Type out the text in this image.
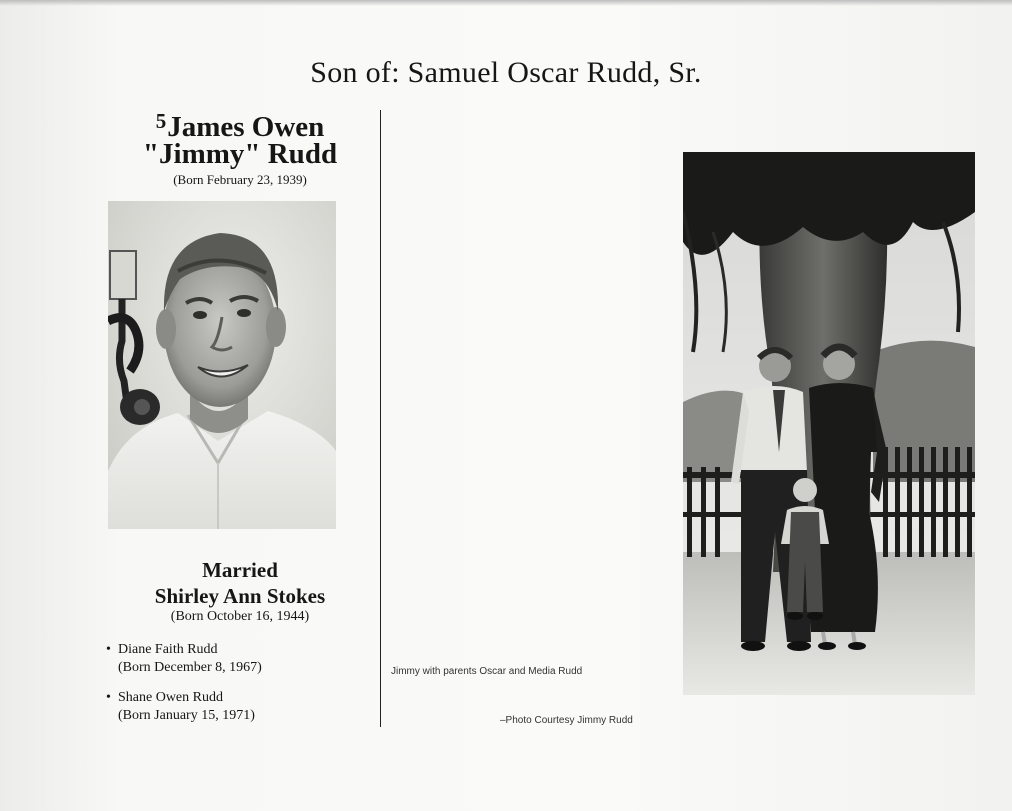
Son of: Samuel Oscar Rudd, Sr.
$^5$James Owen
"Jimmy" Rudd
(Born February 23, 1939)
Married
Shirley Ann Stokes
(Born October 16, 1944)
• Diane Faith Rudd
(Born December 8, 1967)
• Shane Owen Rudd
(Born January 15, 1971)
Jimmy with parents Oscar and Media Rudd
–Photo Courtesy Jimmy Rudd
